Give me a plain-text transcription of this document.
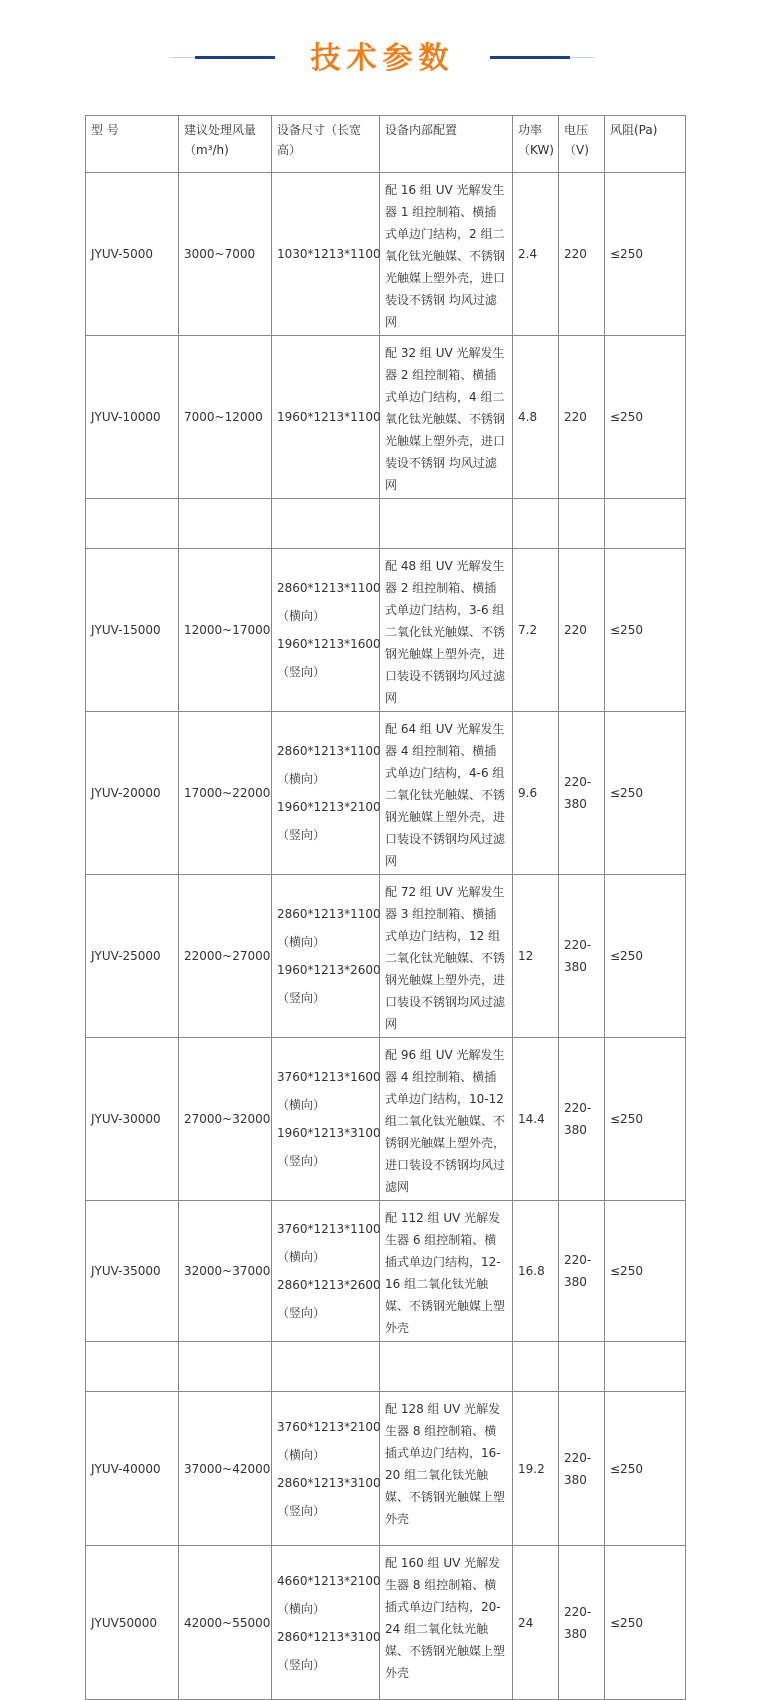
技术参数
型 号	建议处理风量（m³/h)	设备尺寸（长宽高）	设备内部配置	功率（KW)	电压（V)	风阻(Pa)
JYUV-5000	3000~7000	1030*1213*1100	配 16 组 UV 光解发生器 1 组控制箱、横插式单边门结构，2 组二氧化钛光触媒、不锈钢光触媒上塑外壳，进口装设不锈钢 均风过滤网	2.4	220	≤250
JYUV-10000	7000~12000	1960*1213*1100	配 32 组 UV 光解发生器 2 组控制箱、横插式单边门结构，4 组二氧化钛光触媒、不锈钢光触媒上塑外壳，进口装设不锈钢 均风过滤网	4.8	220	≤250

JYUV-15000	12000~17000	2860*1213*1100
（横向）
1960*1213*1600
（竖向）	配 48 组 UV 光解发生器 2 组控制箱、横插式单边门结构，3-6 组二氧化钛光触媒、不锈钢光触媒上塑外壳，进口装设不锈钢均风过滤网	7.2	220	≤250
JYUV-20000	17000~22000	2860*1213*1100
（横向）
1960*1213*2100
（竖向）	配 64 组 UV 光解发生器 4 组控制箱、横插式单边门结构，4-6 组二氧化钛光触媒、不锈钢光触媒上塑外壳，进口装设不锈钢均风过滤网	9.6	220-380	≤250
JYUV-25000	22000~27000	2860*1213*1100
（横向）
1960*1213*2600
（竖向）	配 72 组 UV 光解发生器 3 组控制箱、横插式单边门结构，12 组二氧化钛光触媒、不锈钢光触媒上塑外壳，进口装设不锈钢均风过滤网	12	220-380	≤250
JYUV-30000	27000~32000	3760*1213*1600
（横向）
1960*1213*3100
（竖向）	配 96 组 UV 光解发生器 4 组控制箱、横插式单边门结构，10-12 组二氧化钛光触媒、不锈钢光触媒上塑外壳，进口装设不锈钢均风过滤网	14.4	220-380	≤250
JYUV-35000	32000~37000	3760*1213*1100
（横向）
2860*1213*2600
（竖向）	配 112 组 UV 光解发生器 6 组控制箱、横插式单边门结构，12-16 组二氧化钛光触媒、不锈钢光触媒上塑外壳	16.8	220-380	≤250

JYUV-40000	37000~42000	3760*1213*2100
（横向）
2860*1213*3100
（竖向）	配 128 组 UV 光解发生器 8 组控制箱、横插式单边门结构，16-20 组二氧化钛光触媒、不锈钢光触媒上塑外壳	19.2	220-380	≤250
JYUV50000	42000~55000	4660*1213*2100
（横向）
2860*1213*3100
（竖向）	配 160 组 UV 光解发生器 8 组控制箱、横插式单边门结构，20-24 组二氧化钛光触媒、不锈钢光触媒上塑外壳	24	220-380	≤250
